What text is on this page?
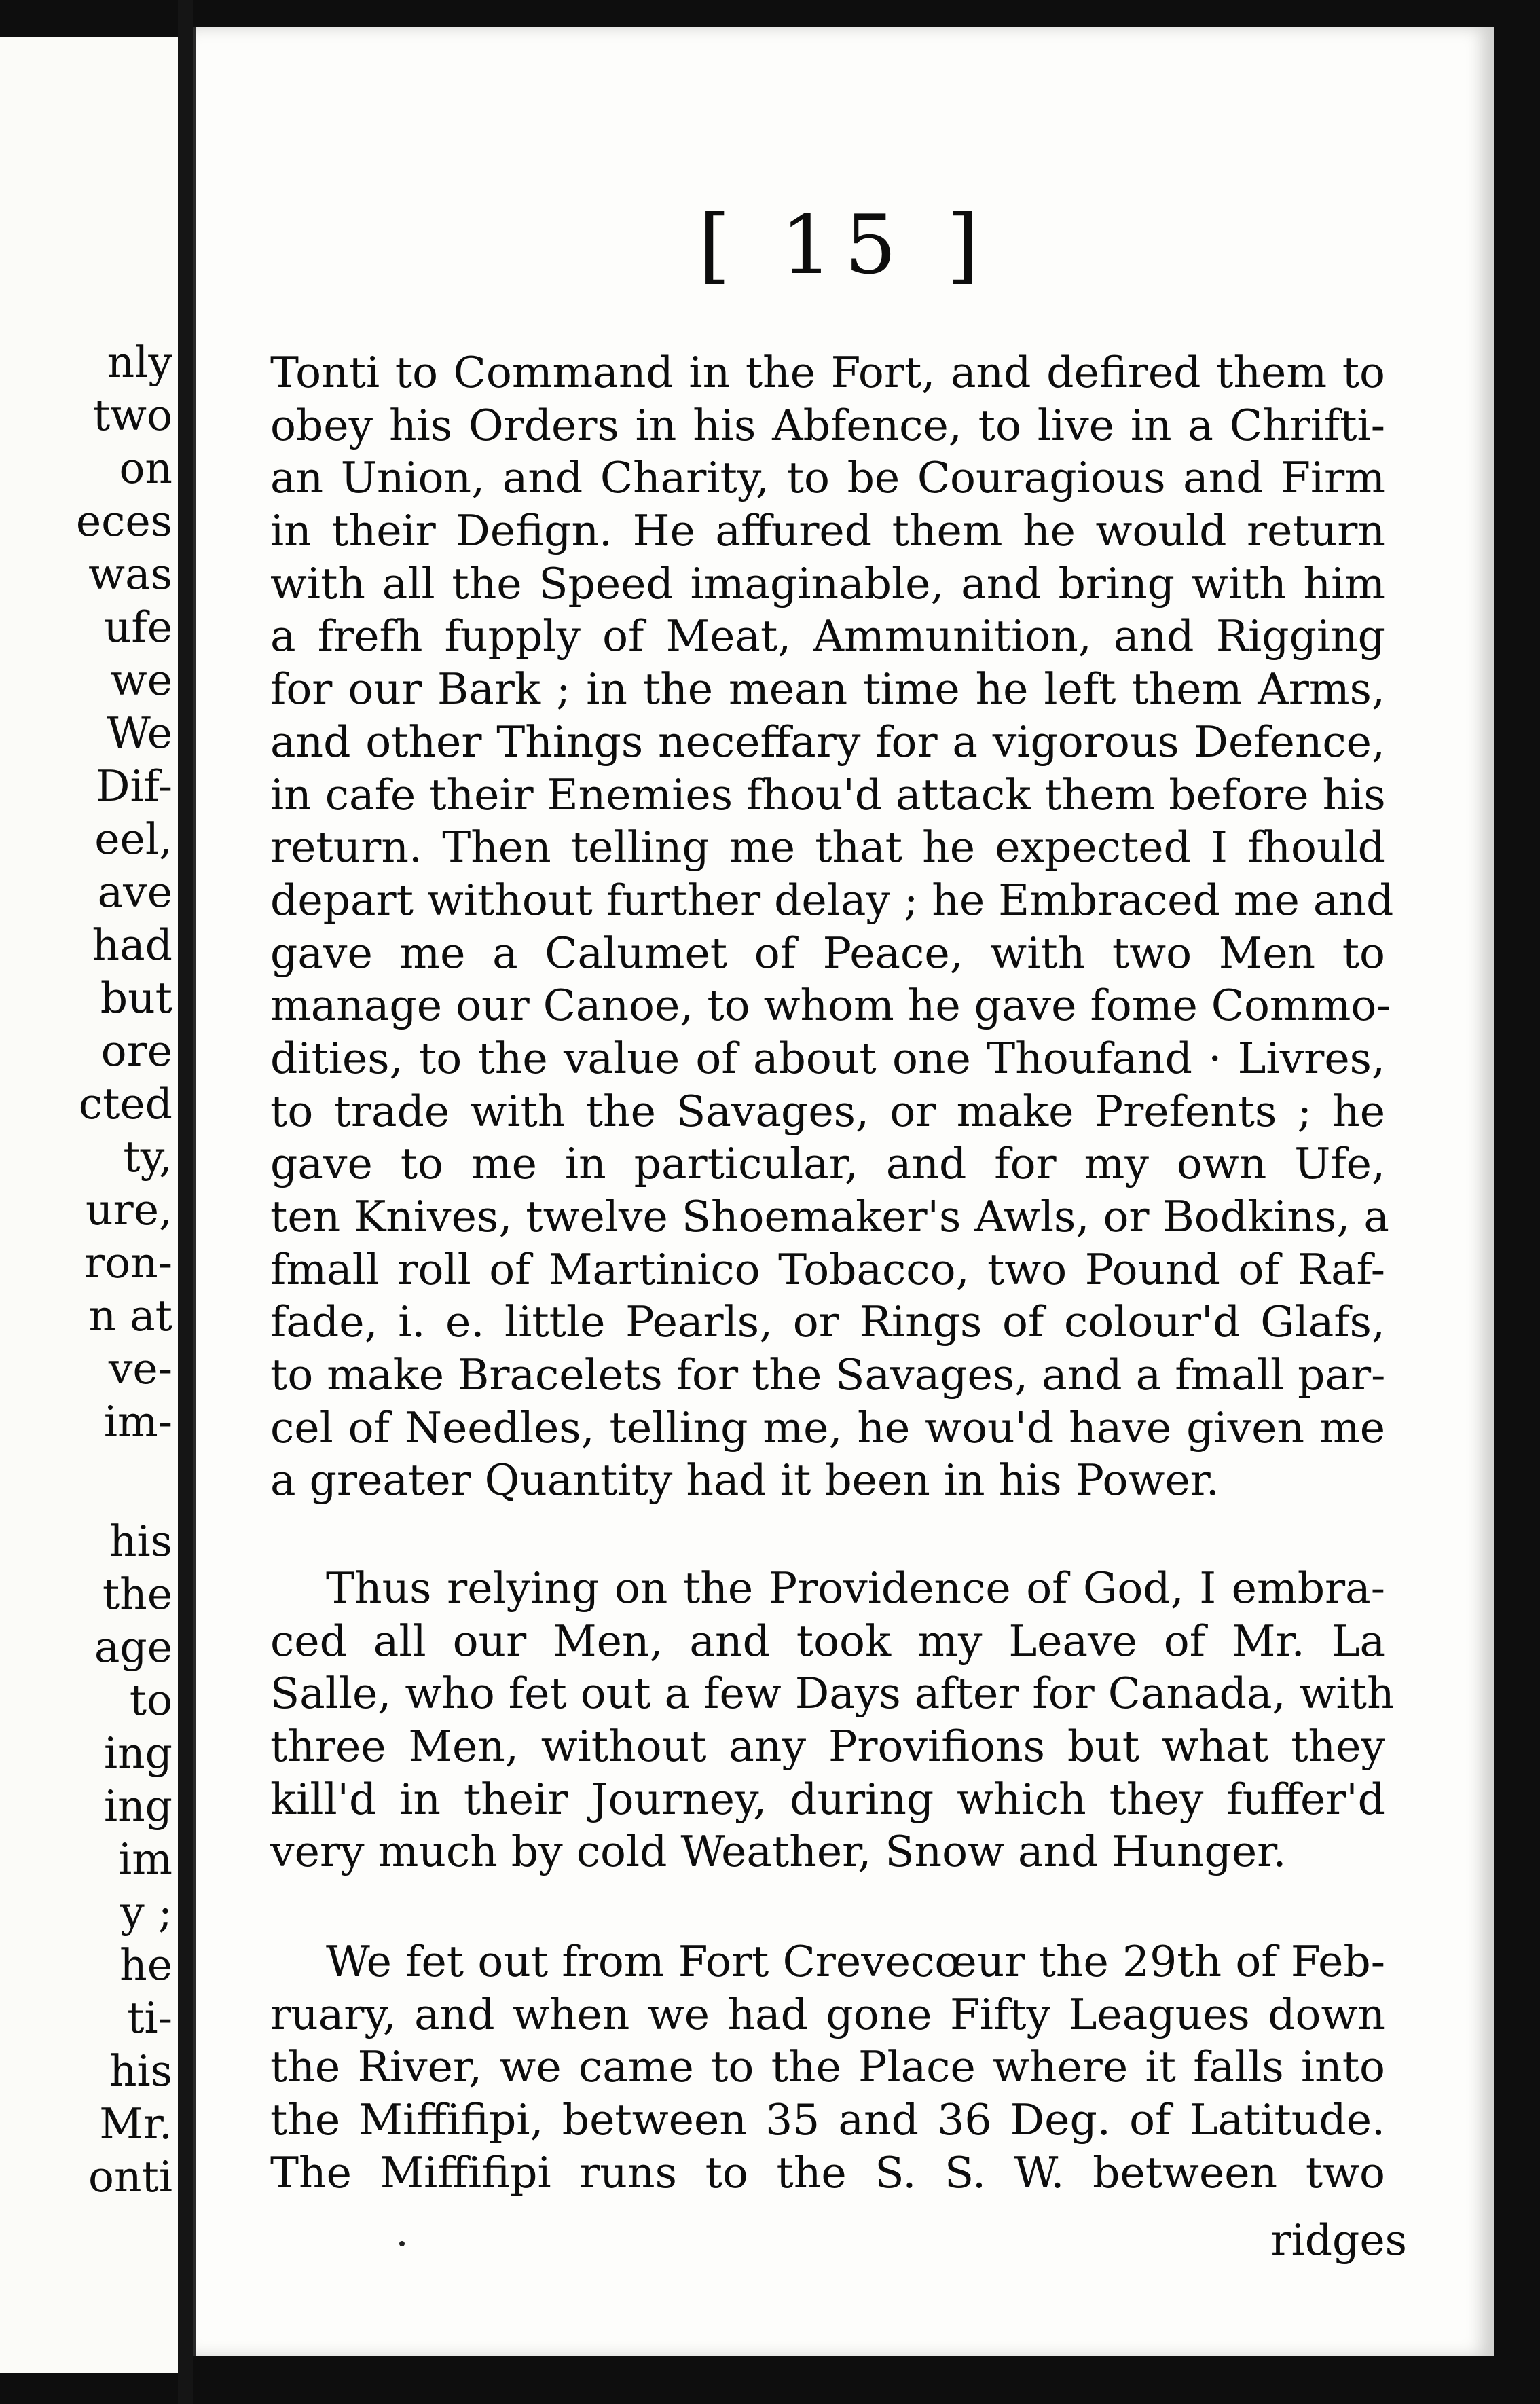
nly
two
on
eces
was
ufe
we
We
Dif-
eel,
ave
had
but
ore
cted
ty,
ure,
ron-
n at
ve-
im-
his
the
age
to
ing
ing
im
y ;
he
ti-
his
Mr.
onti
[ 15 ]
Tonti to Command in the Fort, and defired them to
obey his Orders in his Abfence, to live in a Chrifti-
an Union, and Charity, to be Couragious and Firm
in their Defign. He affured them he would return
with all the Speed imaginable, and bring with him
a frefh fupply of Meat, Ammunition, and Rigging
for our Bark ; in the mean time he left them Arms,
and other Things neceffary for a vigorous Defence,
in cafe their Enemies fhou'd attack them before his
return. Then telling me that he expected I fhould
depart without further delay ; he Embraced me and
gave me a Calumet of Peace, with two Men to
manage our Canoe, to whom he gave fome Commo-
dities, to the value of about one Thoufand · Livres,
to trade with the Savages, or make Prefents ; he
gave to me in particular, and for my own Ufe,
ten Knives, twelve Shoemaker's Awls, or Bodkins, a
fmall roll of Martinico Tobacco, two Pound of Raf-
fade, i. e. little Pearls, or Rings of colour'd Glafs,
to make Bracelets for the Savages, and a fmall par-
cel of Needles, telling me, he wou'd have given me
a greater Quantity had it been in his Power.
Thus relying on the Providence of God, I embra-
ced all our Men, and took my Leave of Mr. La
Salle, who fet out a few Days after for Canada, with
three Men, without any Provifions but what they
kill'd in their Journey, during which they fuffer'd
very much by cold Weather, Snow and Hunger.
We fet out from Fort Crevecœur the 29th of Feb-
ruary, and when we had gone Fifty Leagues down
the River, we came to the Place where it falls into
the Miffifipi, between 35 and 36 Deg. of Latitude.
The Miffifipi runs to the S. S. W. between two
ridges
